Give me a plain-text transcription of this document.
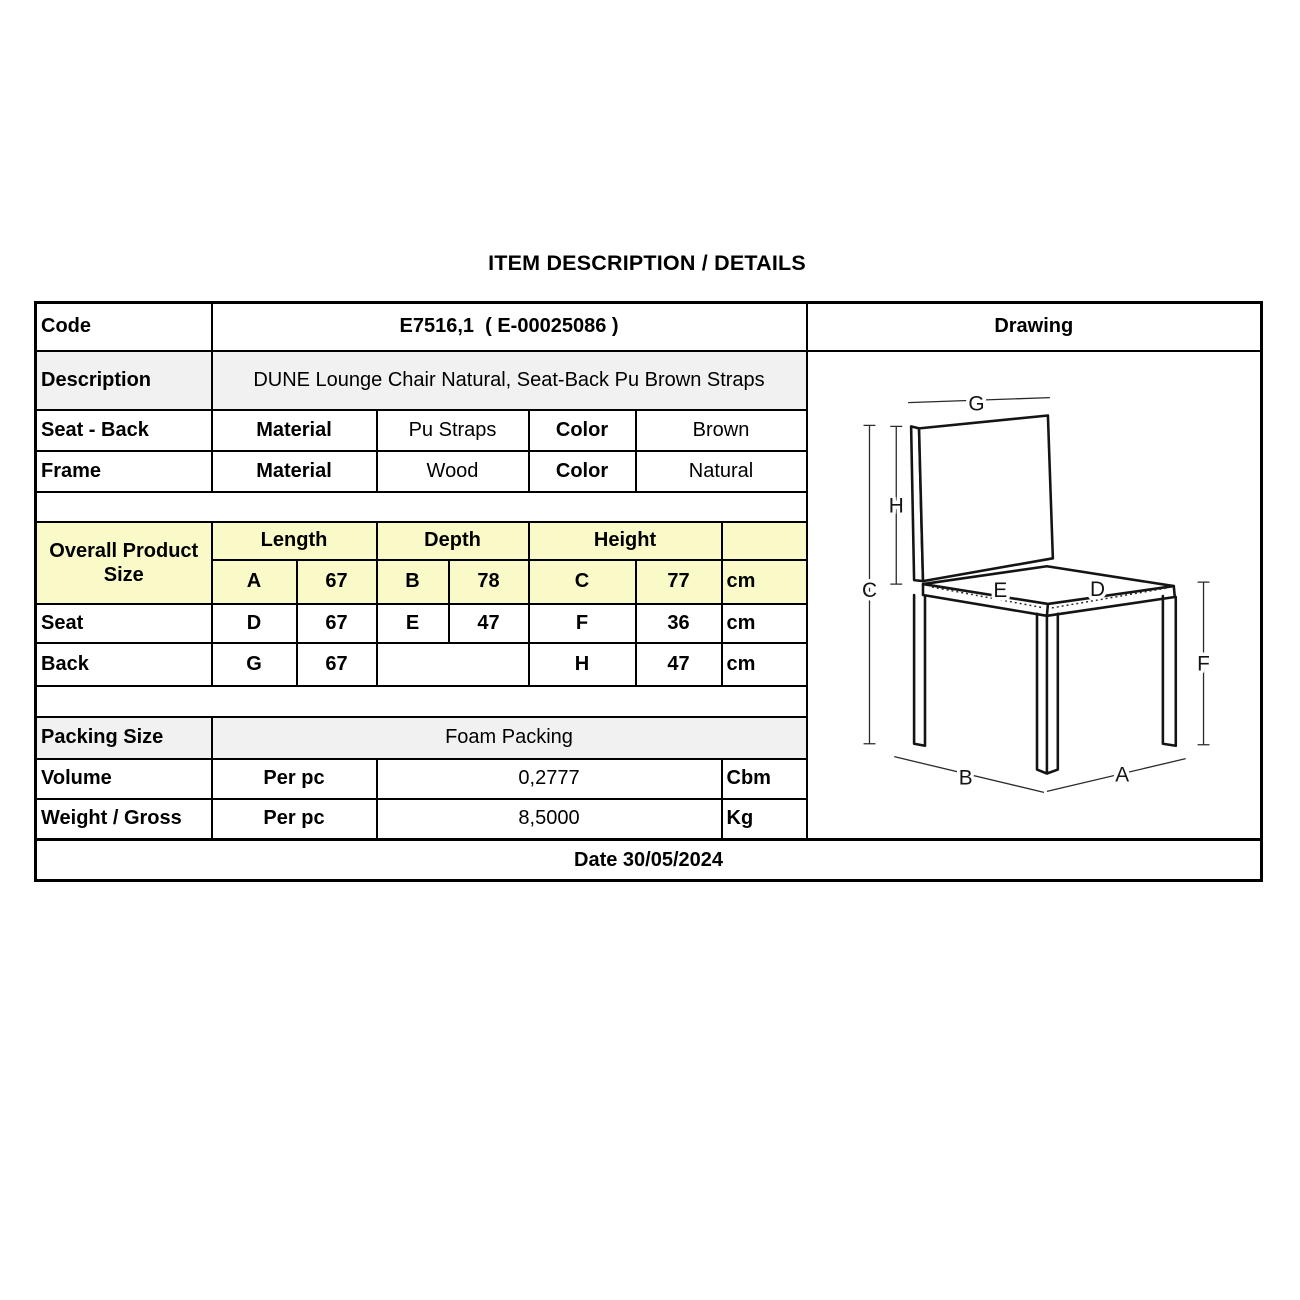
ITEM DESCRIPTION / DETAILS
Code	E7516,1  ( E-00025086 )							Drawing
Description	DUNE Lounge Chair Natural, Seat-Back Pu Brown Straps	
G
H
C	E	D
F
B	A

Seat - Back	Material		Pu Straps		Color	Brown		
Frame	Material		Wood		Color	Natural		

Overall Product Size	Length		Depth		Height			
	A	67	B	78	C	77	cm	
Seat	D	67	E	47	F	36	cm	
Back	G	67			H	47	cm	

Packing Size	Foam Packing							
Volume	Per pc		0,2777				Cbm	
Weight / Gross	Per pc		8,5000				Kg	
Date 30/05/2024								
